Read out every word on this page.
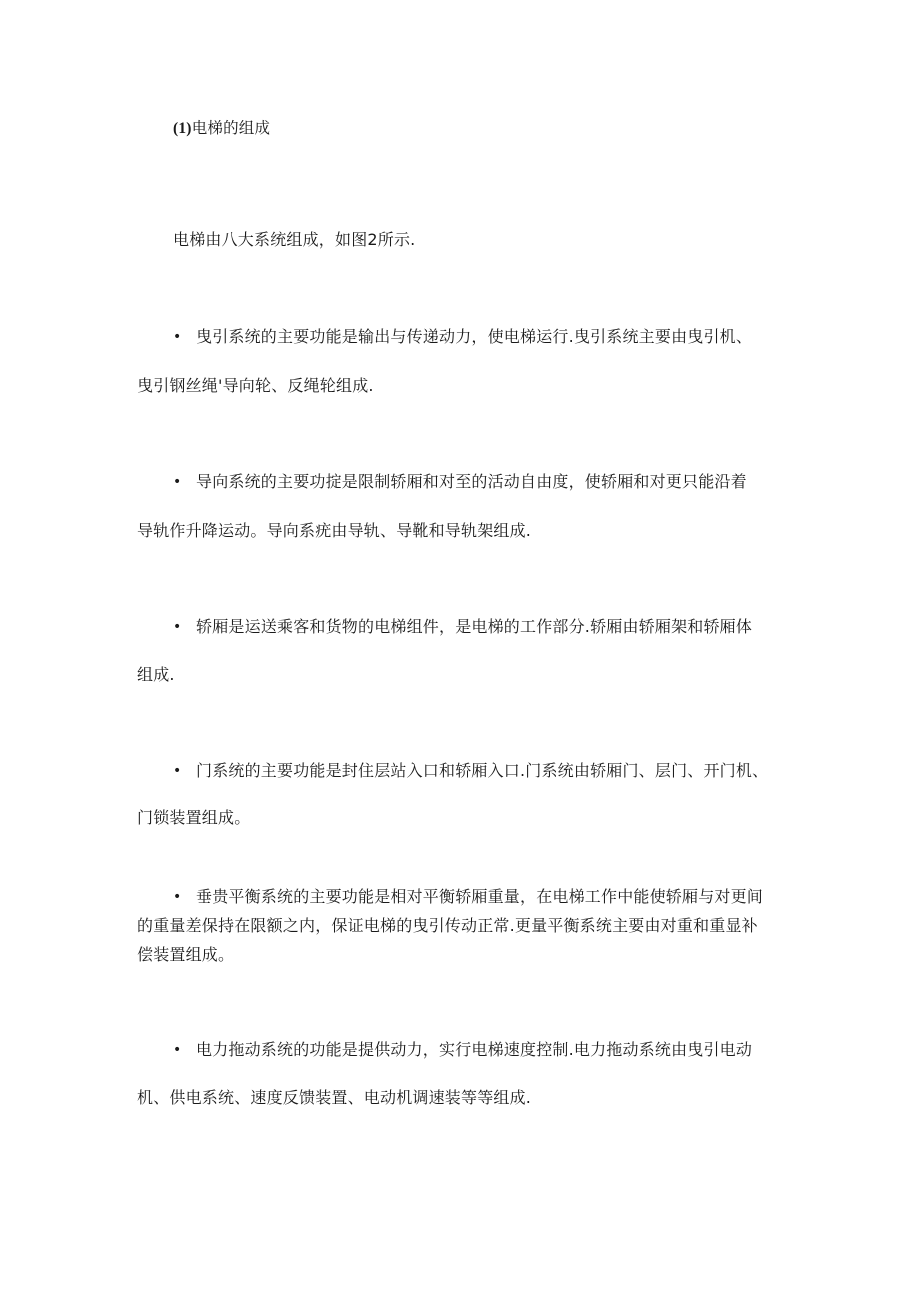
(1)电梯的组成
电梯由八大系统组成，如图2所示.
• 曳引系统的主要功能是输出与传递动力，使电梯运行.曳引系统主要由曳引机、
曳引钢丝绳'导向轮、反绳轮组成.
• 导向系统的主要功掟是限制轿厢和对至的活动自由度，使轿厢和对更只能沿着
导轨作升降运动。导向系疣由导轨、导靴和导轨架组成.
• 轿厢是运送乘客和货物的电梯组件，是电梯的工作部分.轿厢由轿厢架和轿厢体
组成.
• 门系统的主要功能是封住层站入口和轿厢入口.门系统由轿厢门、层门、开门机、
门锁装置组成。
• 垂贵平衡系统的主要功能是相对平衡轿厢重量，在电梯工作中能使轿厢与对更间
的重量差保持在限额之内，保证电梯的曳引传动正常.更量平衡系统主要由对重和重显补
偿装置组成。
• 电力拖动系统的功能是提供动力，实行电梯速度控制.电力拖动系统由曳引电动
机、供电系统、速度反馈装置、电动机调速装等等组成.
